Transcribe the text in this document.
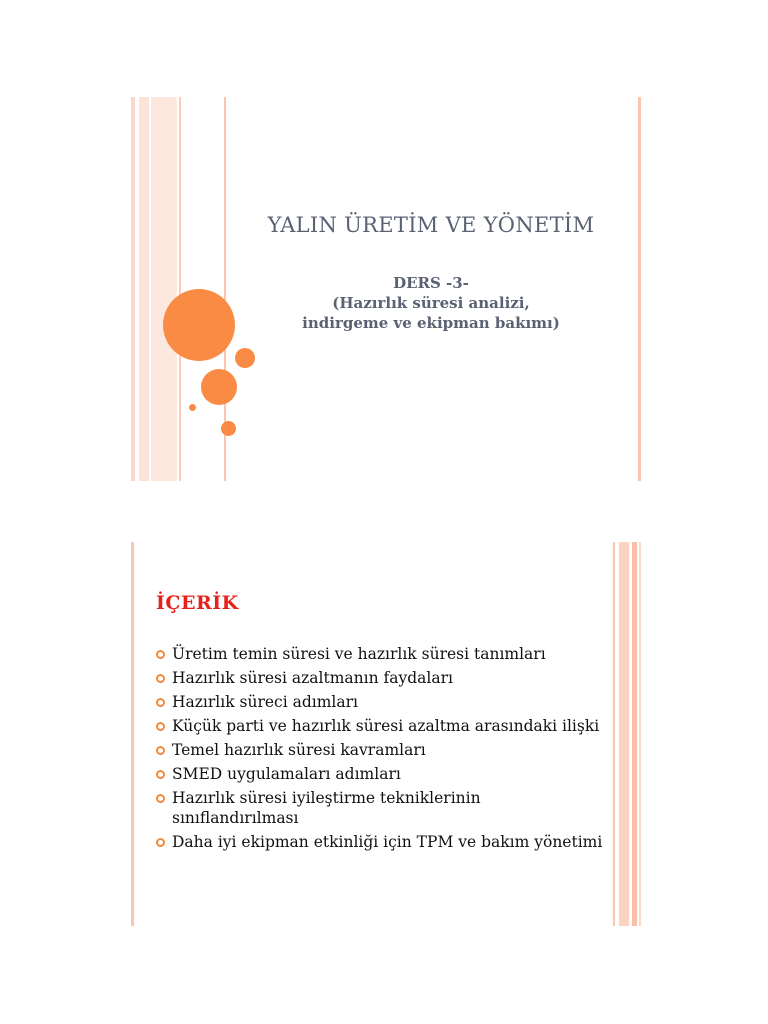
YALIN ÜRETİM VE YÖNETİM
DERS -3-
(Hazırlık süresi analizi,
indirgeme ve ekipman bakımı)
İÇERİK
Üretim temin süresi ve hazırlık süresi tanımları
Hazırlık süresi azaltmanın faydaları
Hazırlık süreci adımları
Küçük parti ve hazırlık süresi azaltma arasındaki ilişki
Temel hazırlık süresi kavramları
SMED uygulamaları adımları
Hazırlık süresi iyileştirme tekniklerinin
sınıflandırılması
Daha iyi ekipman etkinliği için TPM ve bakım yönetimi
